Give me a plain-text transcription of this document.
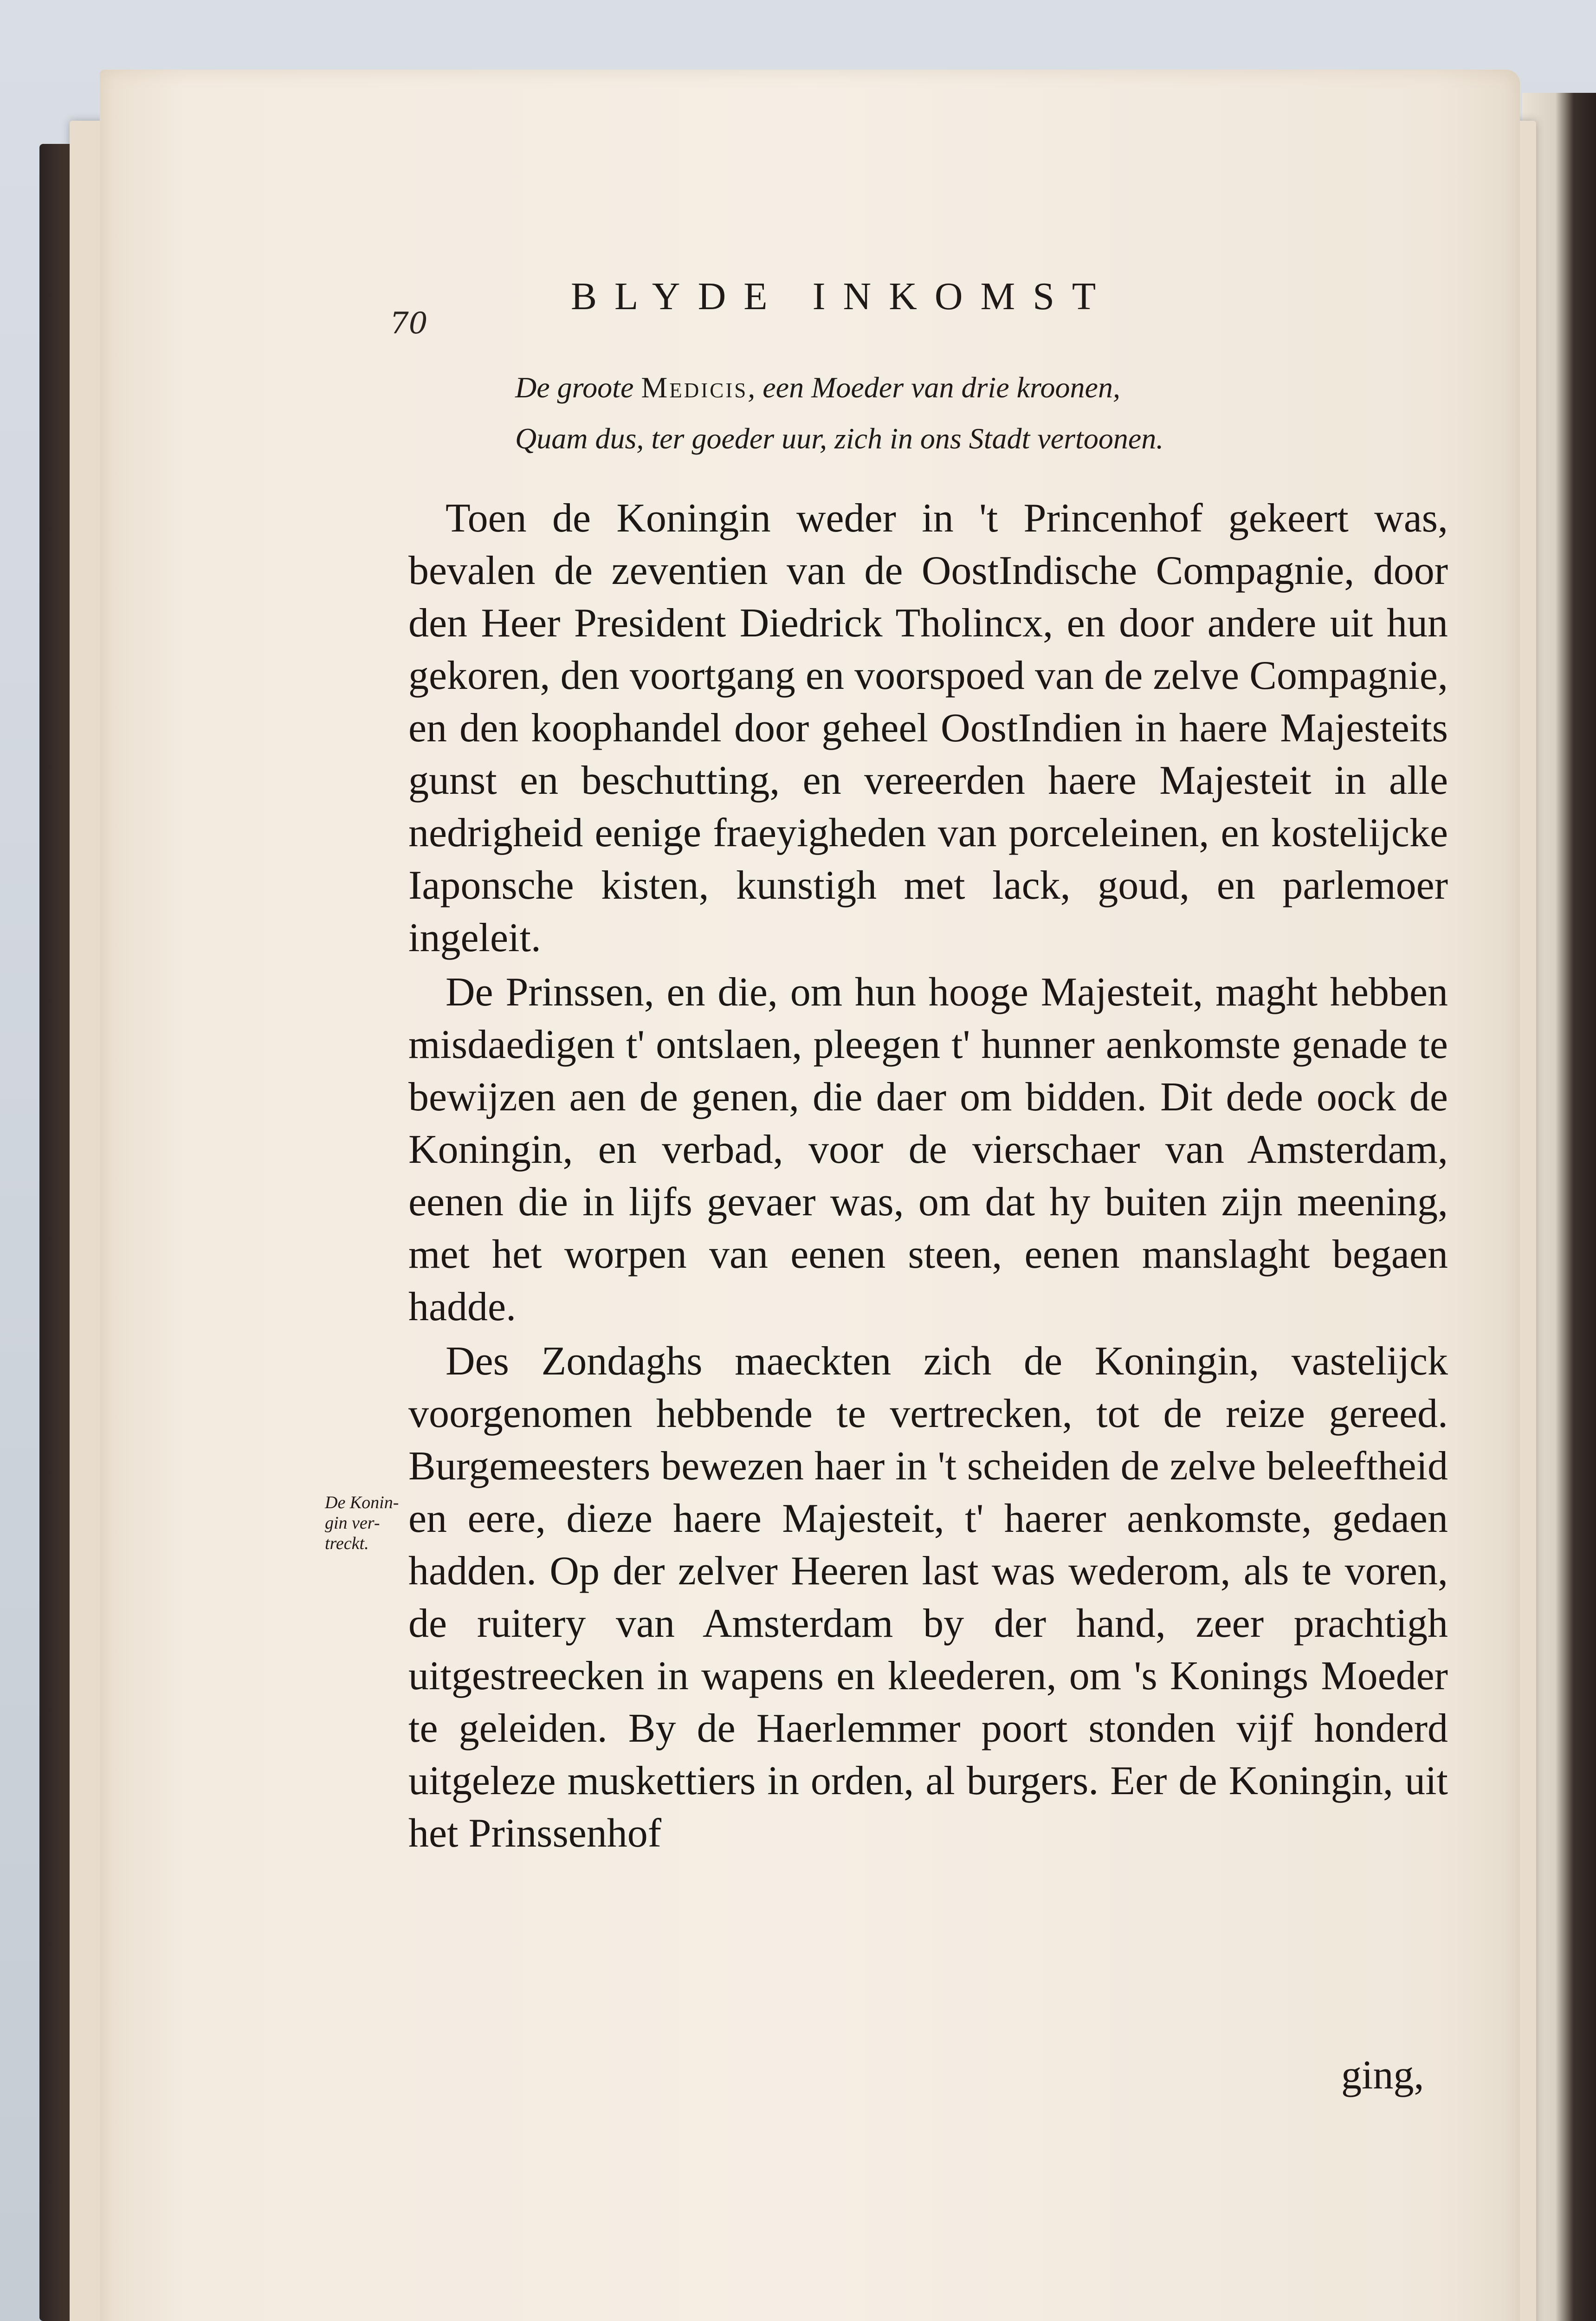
70
BLYDE INKOMST
De groote Medicis, een Moeder van drie kroonen,
Quam dus, ter goeder uur, zich in ons Stadt vertoonen.
De Konin-
gin ver-
treckt.

Toen de Koningin weder in 't Princenhof gekeert was, bevalen de zeventien van de OostIndische Compagnie, door den Heer President Diedrick Tholincx, en door andere uit hun gekoren, den voortgang en voorspoed van de zelve Compagnie, en den koophandel door geheel OostIndien in haere Majesteits gunst en beschutting, en vereerden haere Majesteit in alle nedrigheid eenige fraeyigheden van porceleinen, en kostelijcke Iaponsche kisten, kunstigh met lack, goud, en parlemoer ingeleit.

De Prinssen, en die, om hun hooge Majesteit, maght hebben misdaedigen t' ontslaen, pleegen t' hunner aenkomste genade te bewijzen aen de genen, die daer om bidden. Dit dede oock de Koningin, en verbad, voor de vierschaer van Amsterdam, eenen die in lijfs gevaer was, om dat hy buiten zijn meening, met het worpen van eenen steen, eenen manslaght begaen hadde.

Des Zondaghs maeckten zich de Koningin, vastelijck voorgenomen hebbende te vertrecken, tot de reize gereed. Burgemeesters bewezen haer in 't scheiden de zelve beleeftheid en eere, dieze haere Majesteit, t' haerer aenkomste, gedaen hadden. Op der zelver Heeren last was wederom, als te voren, de ruitery van Amsterdam by der hand, zeer prachtigh uitgestreecken in wapens en kleederen, om 's Konings Moeder te geleiden. By de Haerlemmer poort stonden vijf honderd uitgeleze muskettiers in orden, al burgers. Eer de Koningin, uit het Prinssenhof

ging,
